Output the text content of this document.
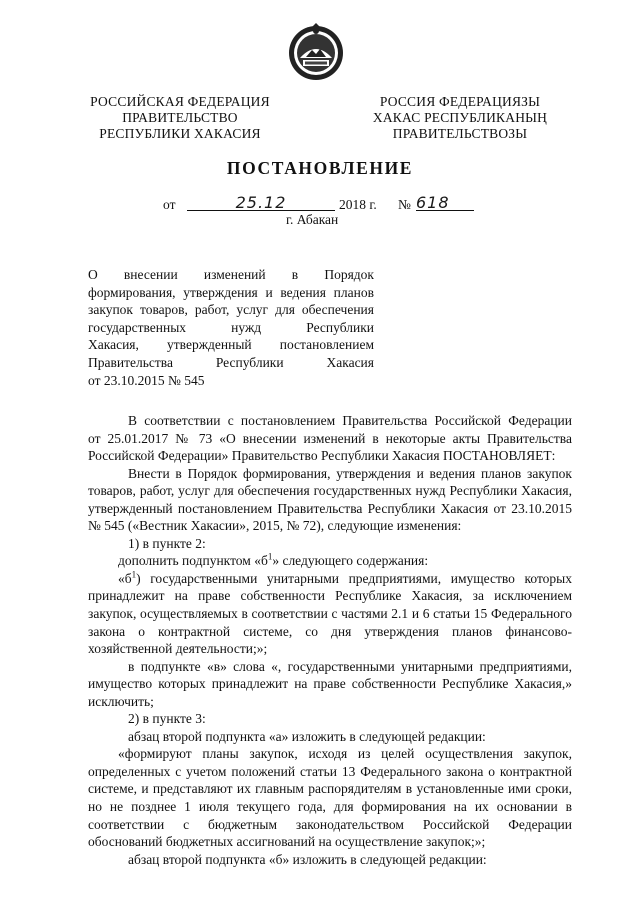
РОССИЙСКАЯ ФЕДЕРАЦИЯ
ПРАВИТЕЛЬСТВО
РЕСПУБЛИКИ ХАКАСИЯ
РОССИЯ ФЕДЕРАЦИЯЗЫ
ХАКАС РЕСПУБЛИКАНЫҢ
ПРАВИТЕЛЬСТВОЗЫ
ПОСТАНОВЛЕНИЕ
от	25.12	2018 г. № 618
г. Абакан
О внесении изменений в Порядок
формирования, утверждения и ведения планов
закупок товаров, работ, услуг для обеспечения
государственных нужд Республики
Хакасия, утвержденный постановлением
Правительства Республики Хакасия
от 23.10.2015 № 545
В соответствии с постановлением Правительства Российской Федерации
от 25.01.2017 № 73 «О внесении изменений в некоторые акты Правительства
Российской Федерации» Правительство Республики Хакасия ПОСТАНОВЛЯЕТ:
Внести в Порядок формирования, утверждения и ведения планов закупок
товаров, работ, услуг для обеспечения государственных нужд Республики Хакасия,
утвержденный постановлением Правительства Республики Хакасия от 23.10.2015
№ 545 («Вестник Хакасии», 2015, № 72), следующие изменения:
1) в пункте 2:
дополнить подпунктом «$б^1$» следующего содержания:
«$б^1$) государственными унитарными предприятиями, имущество которых
принадлежит на праве собственности Республике Хакасия, за исключением
закупок, осуществляемых в соответствии с частями 2.1 и 6 статьи 15 Федерального
закона о контрактной системе, со дня утверждения планов финансово-
хозяйственной деятельности;»;
в подпункте «в» слова «, государственными унитарными предприятиями,
имущество которых принадлежит на праве собственности Республике Хакасия,»
исключить;
2) в пункте 3:
абзац второй подпункта «а» изложить в следующей редакции:
«формируют планы закупок, исходя из целей осуществления закупок,
определенных с учетом положений статьи 13 Федерального закона о контрактной
системе, и представляют их главным распорядителям в установленные ими сроки,
но не позднее 1 июля текущего года, для формирования на их основании в
соответствии с бюджетным законодательством Российской Федерации
обоснований бюджетных ассигнований на осуществление закупок;»;
абзац второй подпункта «б» изложить в следующей редакции:
